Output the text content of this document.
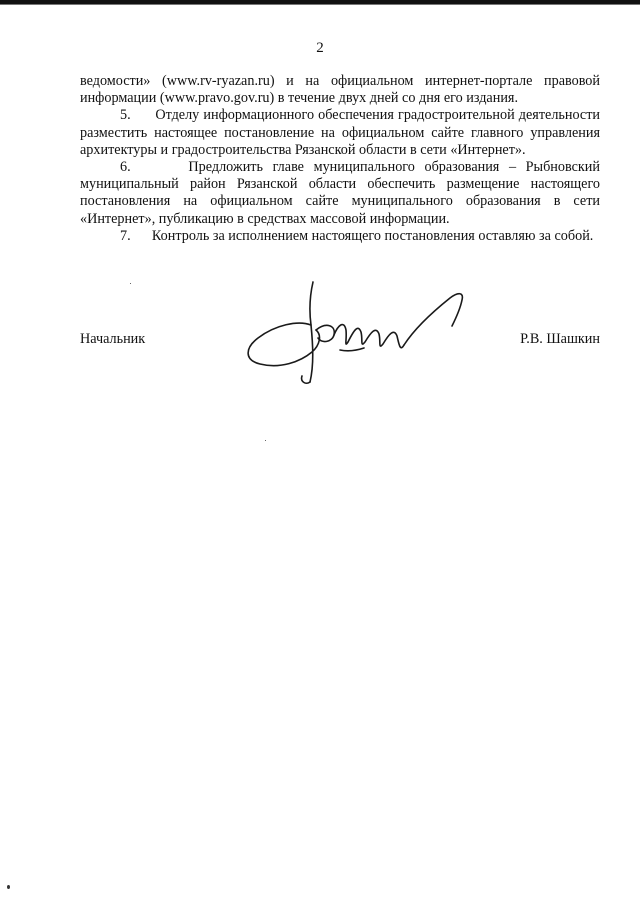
2

ведомости» (www.rv-ryazan.ru) и на официальном интернет-портале правовой информации (www.pravo.gov.ru) в течение двух дней со дня его издания.

5.      Отделу информационного обеспечения градостроительной деятельности разместить настоящее постановление на официальном сайте главного управления архитектуры и градостроительства Рязанской области в сети «Интернет».

6.      Предложить главе муниципального образования – Рыбновский муниципальный район Рязанской области обеспечить размещение настоящего постановления на официальном сайте муниципального образования в сети «Интернет», публикацию в средствах массовой информации.

7.      Контроль за исполнением настоящего постановления оставляю за собой.

Начальник	Р.В. Шашкин
